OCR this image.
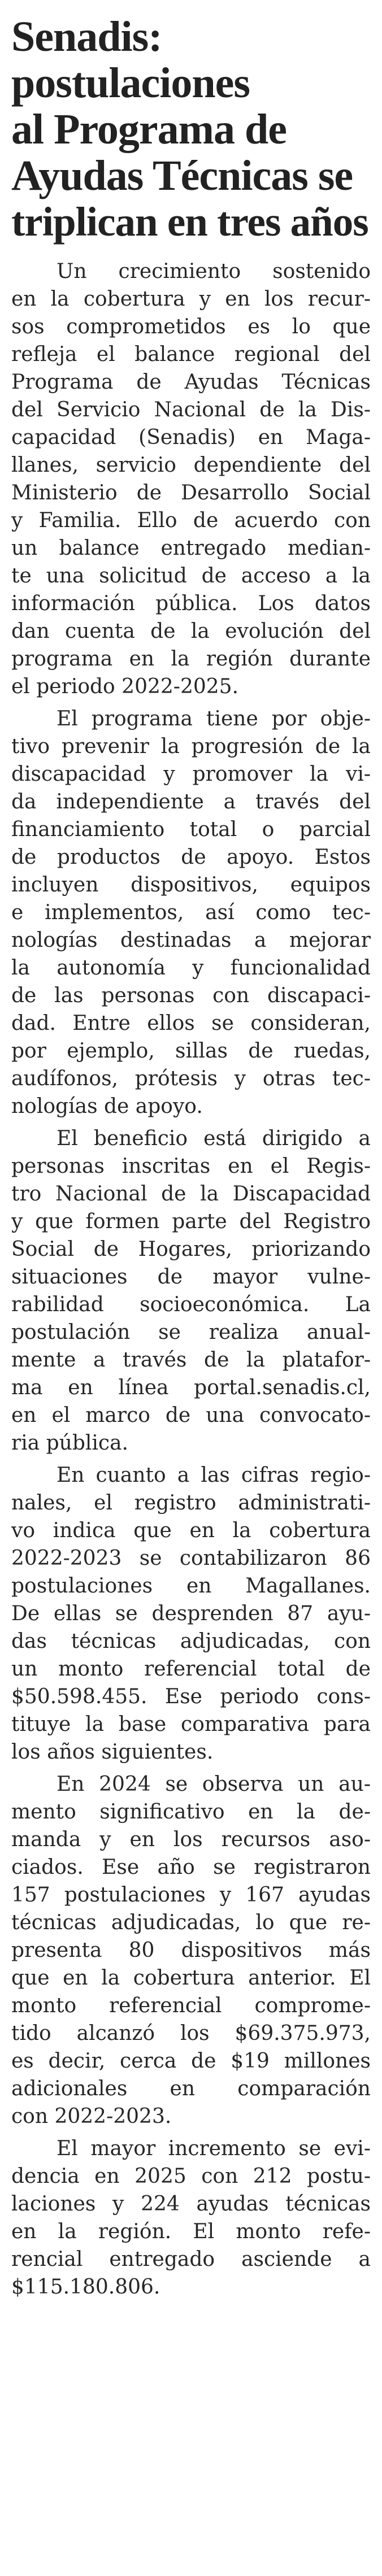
Senadis:
postulaciones
al Programa de
Ayudas Técnicas se
triplican en tres años
Un crecimiento sostenido
en la cobertura y en los recur-
sos comprometidos es lo que
refleja el balance regional del
Programa de Ayudas Técnicas
del Servicio Nacional de la Dis-
capacidad (Senadis) en Maga-
llanes, servicio dependiente del
Ministerio de Desarrollo Social
y Familia. Ello de acuerdo con
un balance entregado median-
te una solicitud de acceso a la
información pública. Los datos
dan cuenta de la evolución del
programa en la región durante
el periodo 2022-2025.
El programa tiene por obje-
tivo prevenir la progresión de la
discapacidad y promover la vi-
da independiente a través del
financiamiento total o parcial
de productos de apoyo. Estos
incluyen dispositivos, equipos
e implementos, así como tec-
nologías destinadas a mejorar
la autonomía y funcionalidad
de las personas con discapaci-
dad. Entre ellos se consideran,
por ejemplo, sillas de ruedas,
audífonos, prótesis y otras tec-
nologías de apoyo.
El beneficio está dirigido a
personas inscritas en el Regis-
tro Nacional de la Discapacidad
y que formen parte del Registro
Social de Hogares, priorizando
situaciones de mayor vulne-
rabilidad socioeconómica. La
postulación se realiza anual-
mente a través de la platafor-
ma en línea portal.senadis.cl,
en el marco de una convocato-
ria pública.
En cuanto a las cifras regio-
nales, el registro administrati-
vo indica que en la cobertura
2022-2023 se contabilizaron 86
postulaciones en Magallanes.
De ellas se desprenden 87 ayu-
das técnicas adjudicadas, con
un monto referencial total de
$50.598.455. Ese periodo cons-
tituye la base comparativa para
los años siguientes.
En 2024 se observa un au-
mento significativo en la de-
manda y en los recursos aso-
ciados. Ese año se registraron
157 postulaciones y 167 ayudas
técnicas adjudicadas, lo que re-
presenta 80 dispositivos más
que en la cobertura anterior. El
monto referencial comprome-
tido alcanzó los $69.375.973,
es decir, cerca de $19 millones
adicionales en comparación
con 2022-2023.
El mayor incremento se evi-
dencia en 2025 con 212 postu-
laciones y 224 ayudas técnicas
en la región. El monto refe-
rencial entregado asciende a
$115.180.806.
